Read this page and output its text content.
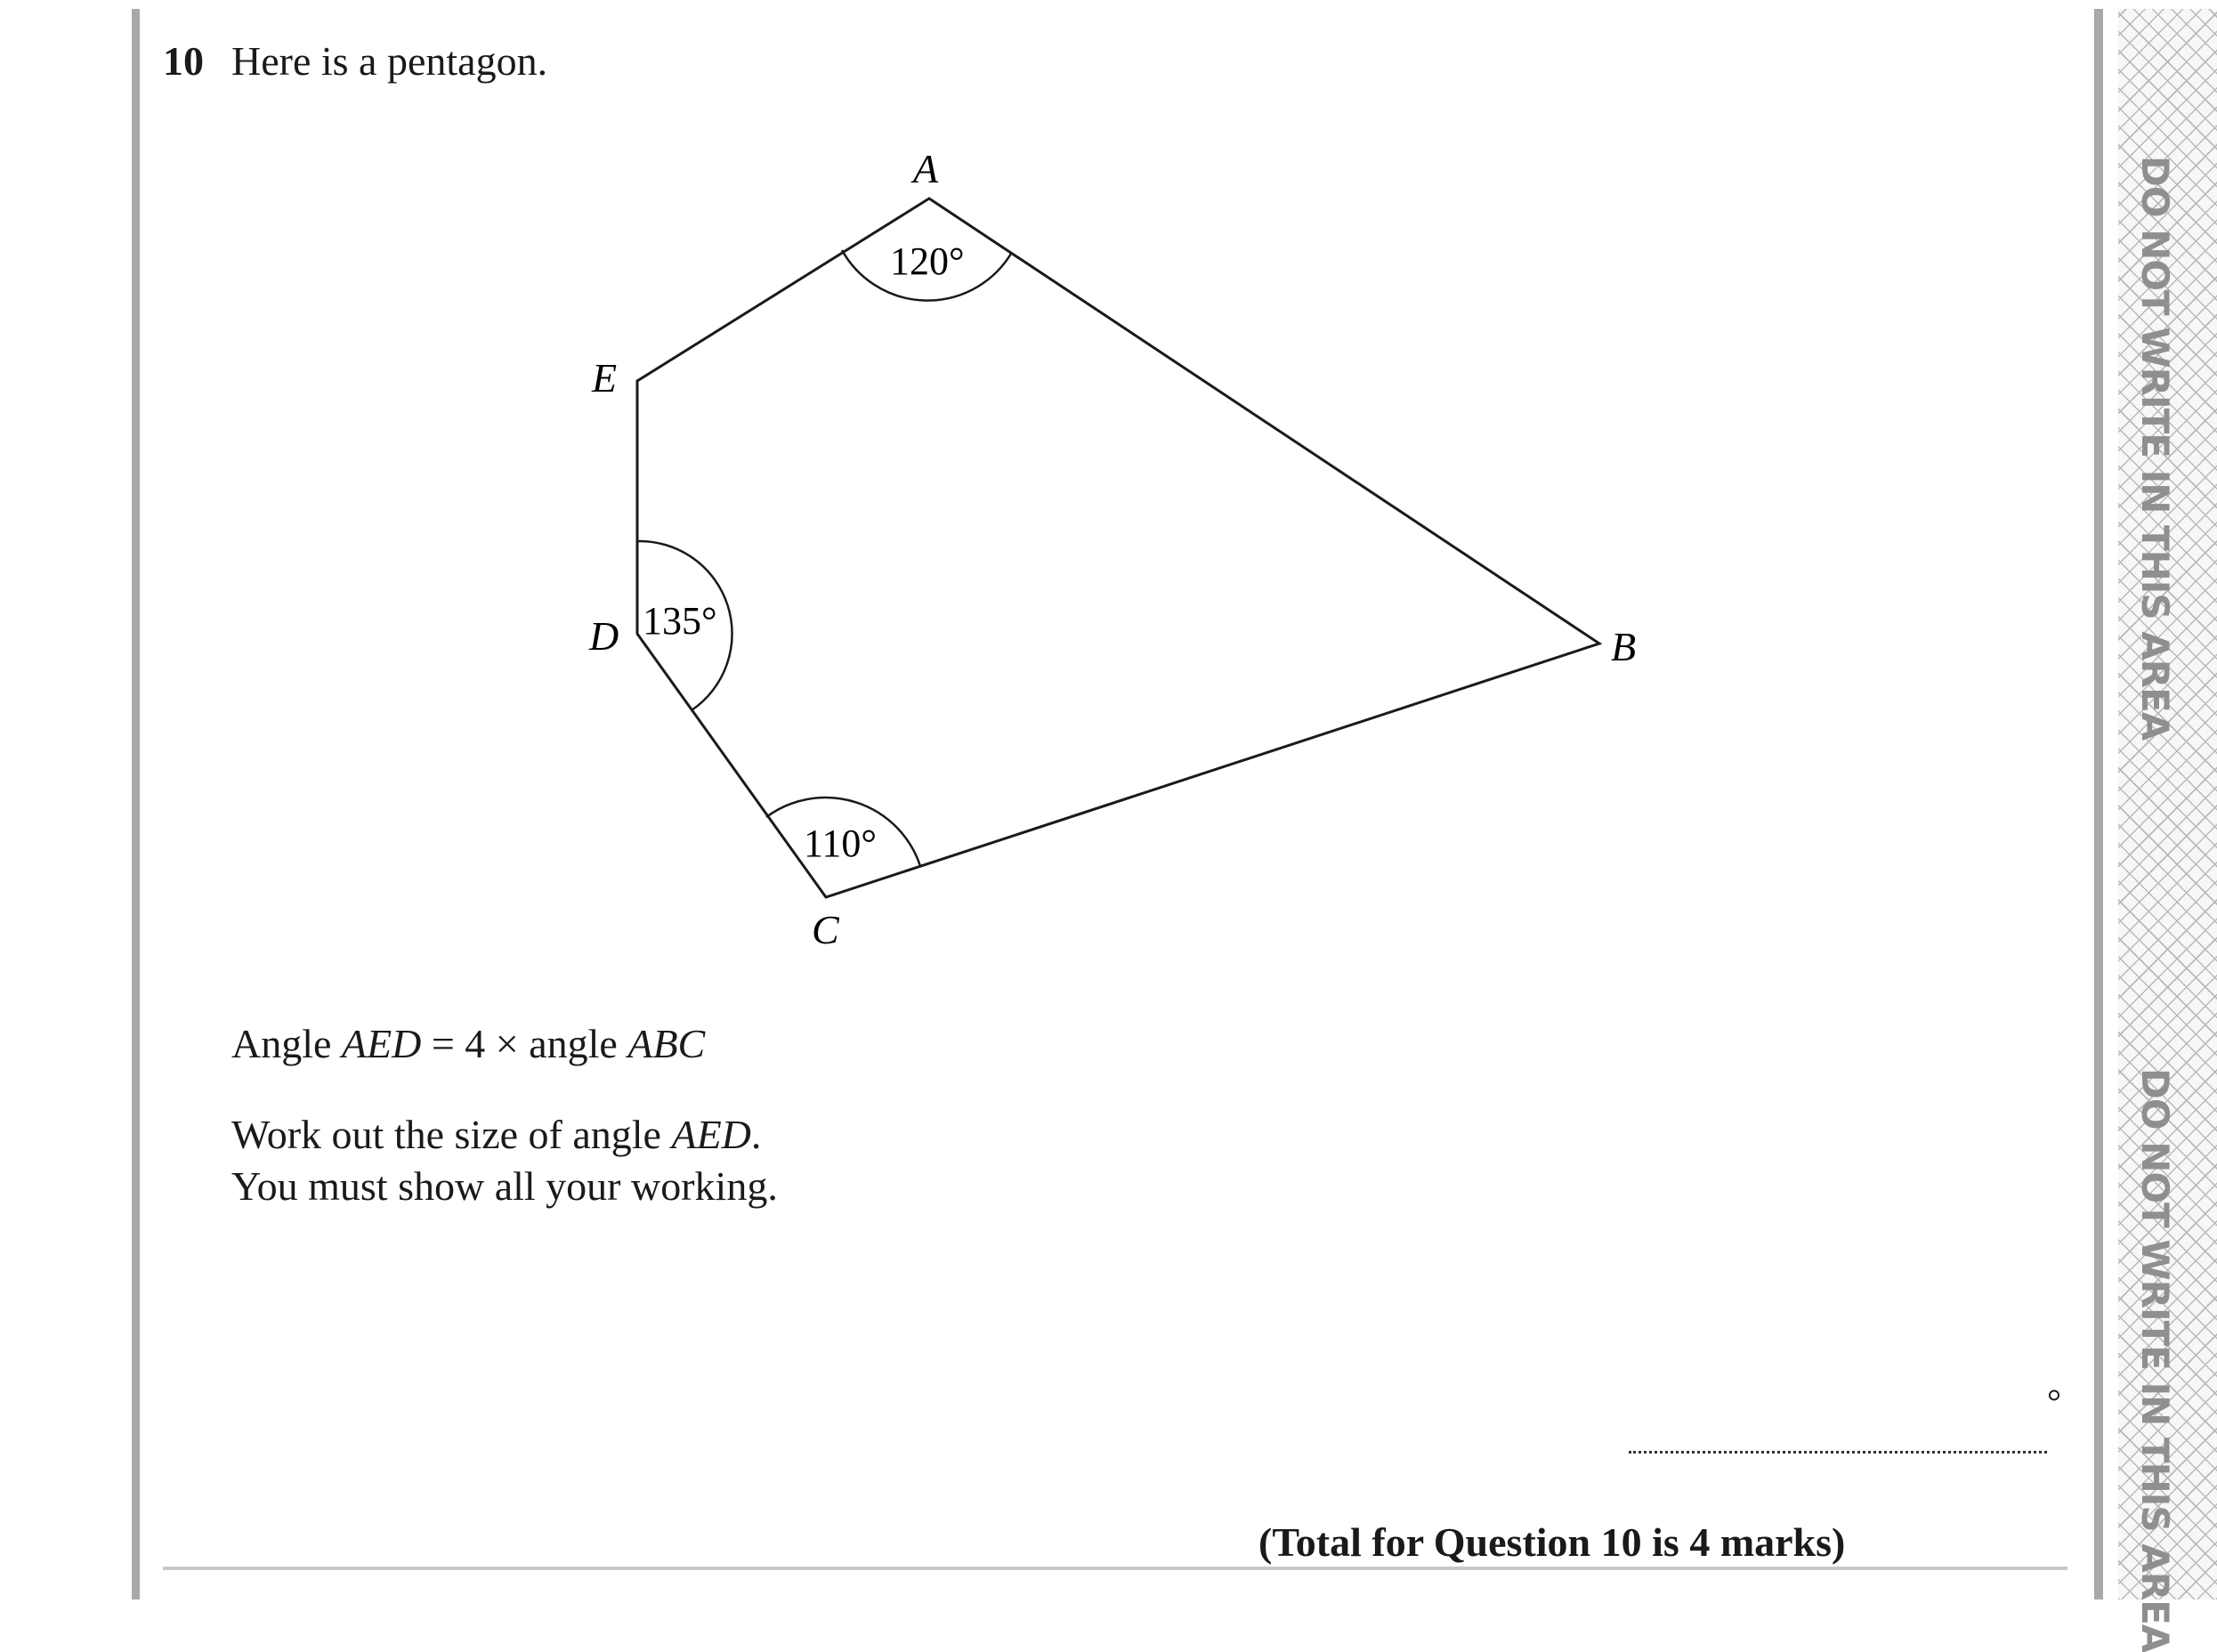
DO NOT WRITE IN THIS AREA
DO NOT WRITE IN THIS AREA
10 Here is a pentagon.
A
B
C
D
E
120°
135°
110°
Angle AED = 4 × angle ABC
Work out the size of angle AED.
You must show all your working.
°
(Total for Question 10 is 4 marks)
